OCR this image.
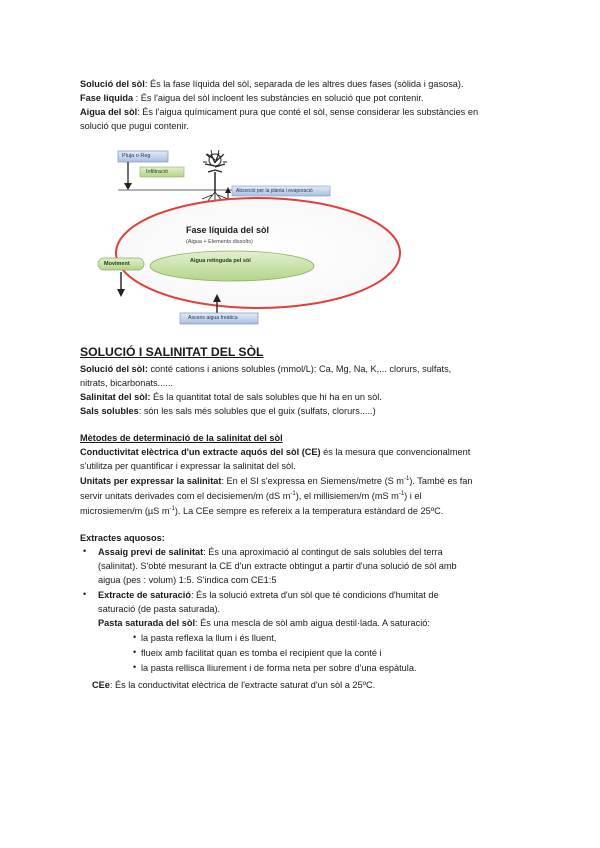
Solució del sòl: És la fase líquida del sòl, separada de les altres dues fases (sòlida i gasosa).
Fase líquida : És l'aigua del sòl incloent les substàncies en solució que pot contenir.
Aigua del sòl: És l'aigua químicament pura que conté el sòl, sense considerar les substàncies en
solució que pugui contenir.
Pluja o Reg
Infiltració
Absorció per la planta i evaporació
Fase líquida del sòl
(Aigua + Elements dissolts)
Aigua retinguda pel sòl
Moviment
Ascens aigua freàtica
SOLUCIÓ I SALINITAT DEL SÒL
Solució del sòl: conté cations i anions solubles (mmol/L): Ca, Mg, Na, K,... clorurs, sulfats,
nitrats, bicarbonats......
Salinitat del sòl: És la quantitat total de sals solubles que hi ha en un sòl.
Sals solubles: són les sals més solubles que el guix (sulfats, clorurs.....)
Mètodes de determinació de la salinitat del sòl
Conductivitat elèctrica d'un extracte aquós del sòl (CE) és la mesura que convencionalment
s'utilitza per quantificar i expressar la salinitat del sòl.
Unitats per expressar la salinitat: En el SI s'expressa en Siemens/metre (S $m^{-1}$). També es fan
servir unitats derivades com el decisiemen/m (dS $m^{-1}$), el millisiemen/m (mS $m^{-1}$) i el
microsiemen/m (µS $m^{-1}$). La CEe sempre es refereix a la temperatura estàndard de 25ºC.
Extractes aquosos:
• Assaig previ de salinitat: És una aproximació al contingut de sals solubles del terra
(salinitat). S'obté mesurant la CE d'un extracte obtingut a partir d'una solució de sòl amb
aigua (pes : volum) 1:5. S'indica com CE1:5
• Extracte de saturació: És la solució extreta d'un sòl que té condicions d'humitat de
saturació (de pasta saturada).
Pasta saturada del sòl: És una mescla de sòl amb aigua destil·lada. A saturació:
• la pasta reflexa la llum i és lluent,
• flueix amb facilitat quan es tomba el recipient que la conté i
• la pasta rellisca lliurement i de forma neta per sobre d'una espàtula.
CEe: És la conductivitat elèctrica de l'extracte saturat d'un sòl a 25ºC.
